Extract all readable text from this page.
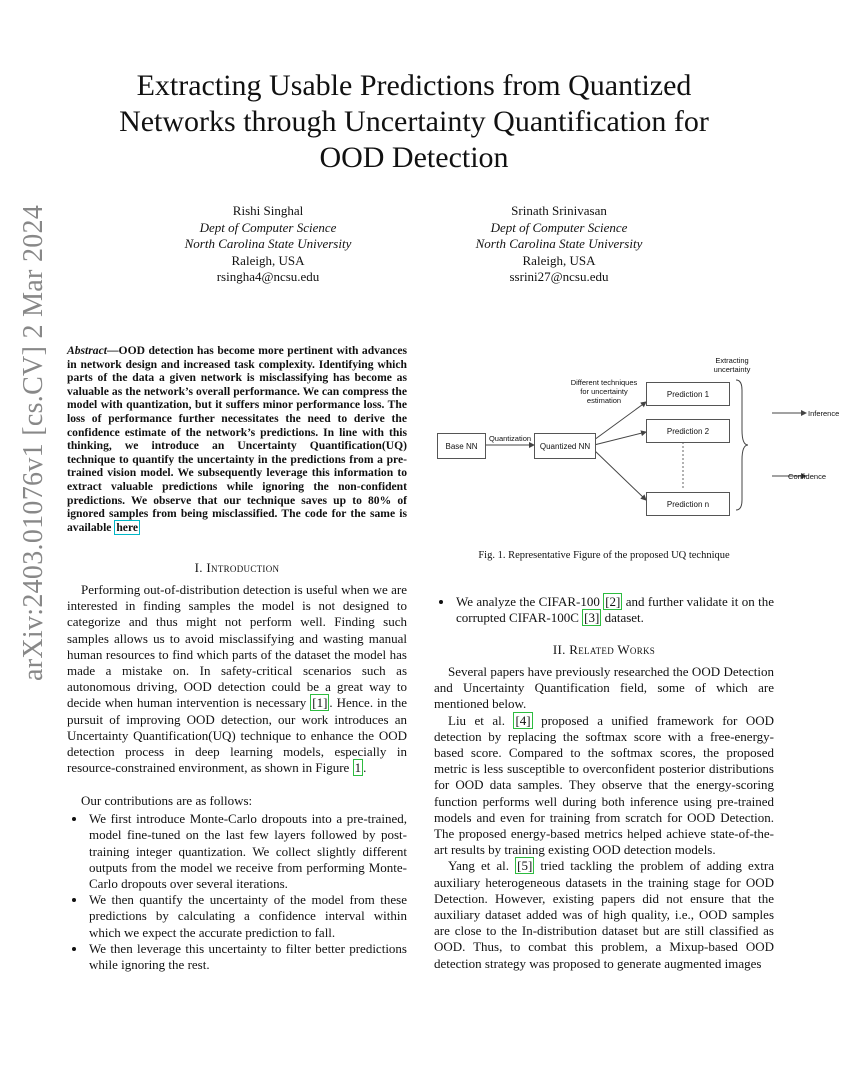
Extracting Usable Predictions from Quantized
Networks through Uncertainty Quantification for
OOD Detection
Rishi Singhal
Dept of Computer Science
North Carolina State University
Raleigh, USA
rsingha4@ncsu.edu
Srinath Srinivasan
Dept of Computer Science
North Carolina State University
Raleigh, USA
ssrini27@ncsu.edu
arXiv:2403.01076v1 [cs.CV] 2 Mar 2024	Abstract—OOD detection has become more pertinent with advances in network design and increased task complexity. Identifying which parts of the data a given network is misclassifying has become as valuable as the network’s overall performance. We can compress the model with quantization, but it suffers minor performance loss. The loss of performance further necessitates the need to derive the confidence estimate of the network’s predictions. In line with this thinking, we introduce an Uncertainty Quantification(UQ) technique to quantify the uncertainty in the predictions from a pre-trained vision model. We subsequently leverage this information to extract valuable predictions while ignoring the non-confident predictions. We observe that our technique saves up to 80% of ignored samples from being misclassified. The code for the same is available here
I. Introduction

Performing out-of-distribution detection is useful when we are interested in finding samples the model is not designed to categorize and thus might not perform well. Finding such samples allows us to avoid misclassifying and wasting manual human resources to find which parts of the dataset the model has made a mistake on. In safety-critical scenarios such as autonomous driving, OOD detection could be a great way to decide when human intervention is necessary [1] . Hence. in the pursuit of improving OOD detection, our work introduces an Uncertainty Quantification(UQ) technique to enhance the OOD detection process in deep learning models, especially in resource-constrained environment, as shown in Figure 1 .

Our contributions are as follows:

• We first introduce Monte-Carlo dropouts into a pre-trained, model fine-tuned on the last few layers followed by post-training integer quantization. We collect slightly different outputs from the model we receive from performing Monte-Carlo dropouts over several iterations.
• We then quantify the uncertainty of the model from these predictions by calculating a confidence interval within which we expect the accurate prediction to fall.
• We then leverage this uncertainty to filter better predictions while ignoring the rest.
Base NN
Quantization
Quantized NN
Different techniques
for uncertainty
estimation
Prediction 1
Prediction 2
Prediction n
Extracting
uncertainty
Inference
Confidence
Fig. 1. Representative Figure of the proposed UQ technique
• We analyze the CIFAR-100 [2] and further validate it on the corrupted CIFAR-100C [3] dataset.
II. Related Works

Several papers have previously researched the OOD Detection and Uncertainty Quantification field, some of which are mentioned below.

Liu et al. [4] proposed a unified framework for OOD detection by replacing the softmax score with a free-energy-based score. Compared to the softmax scores, the proposed metric is less susceptible to overconfident posterior distributions for OOD data samples. They observe that the energy-scoring function performs well during both inference using pre-trained models and even for training from scratch for OOD Detection. The proposed energy-based metrics helped achieve state-of-the-art results by training existing OOD detection models.

Yang et al. [5] tried tackling the problem of adding extra auxiliary heterogeneous datasets in the training stage for OOD Detection. However, existing papers did not ensure that the auxiliary dataset added was of high quality, i.e., OOD samples are close to the In-distribution dataset but are still classified as OOD. Thus, to combat this problem, a Mixup-based OOD detection strategy was proposed to generate augmented images
